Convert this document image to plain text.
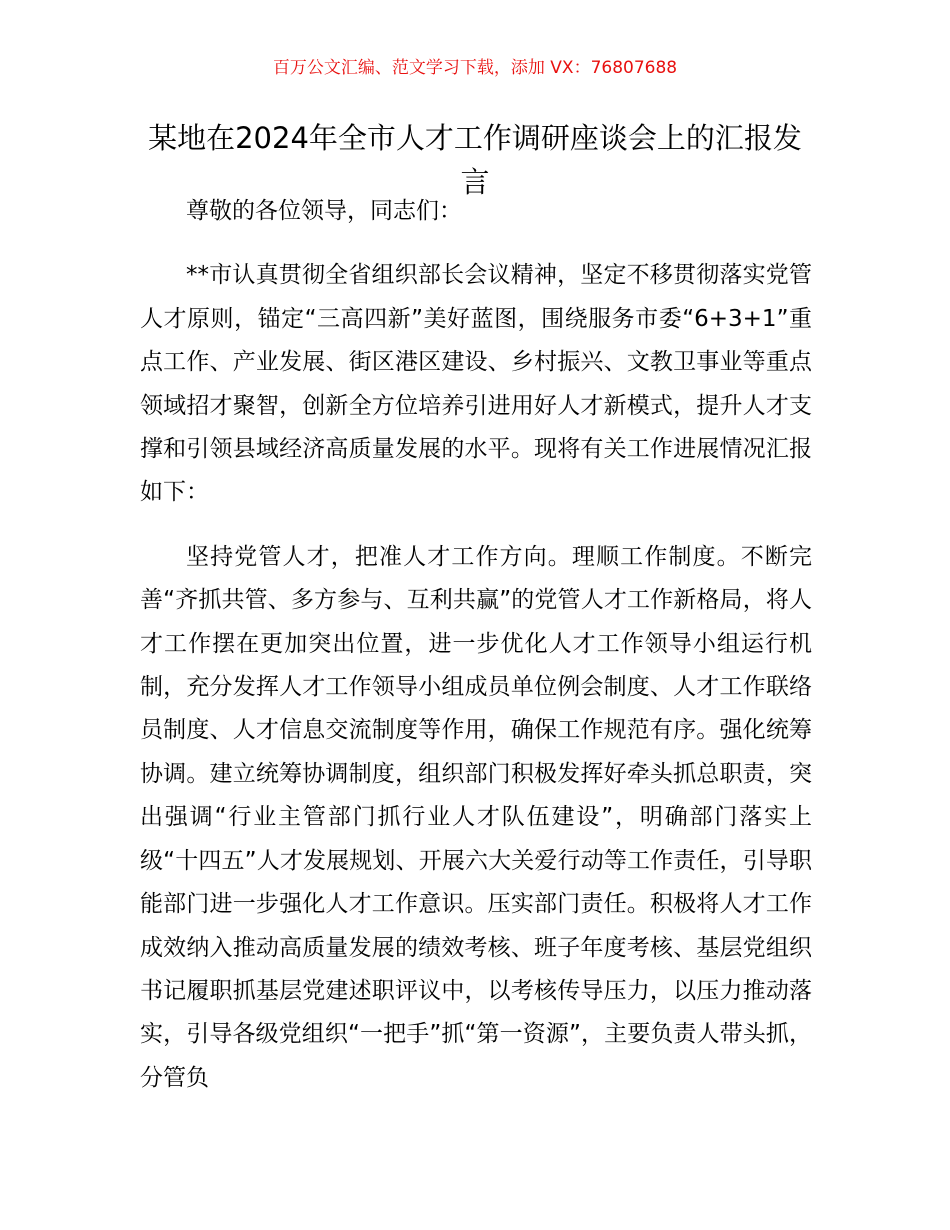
百万公文汇编、范文学习下载，添加 VX：76807688
某地在2024年全市人才工作调研座谈会上的汇报发言

尊敬的各位领导，同志们：

**市认真贯彻全省组织部长会议精神，坚定不移贯彻落实党管人才原则，锚定“三高四新”美好蓝图，围绕服务市委“6+3+1”重点工作、产业发展、街区港区建设、乡村振兴、文教卫事业等重点领域招才聚智，创新全方位培养引进用好人才新模式，提升人才支撑和引领县域经济高质量发展的水平。现将有关工作进展情况汇报如下：

坚持党管人才，把准人才工作方向。理顺工作制度。不断完善“齐抓共管、多方参与、互利共赢”的党管人才工作新格局，将人才工作摆在更加突出位置，进一步优化人才工作领导小组运行机制，充分发挥人才工作领导小组成员单位例会制度、人才工作联络员制度、人才信息交流制度等作用，确保工作规范有序。强化统筹协调。建立统筹协调制度，组织部门积极发挥好牵头抓总职责，突出强调“行业主管部门抓行业人才队伍建设”，明确部门落实上级“十四五”人才发展规划、开展六大关爱行动等工作责任，引导职能部门进一步强化人才工作意识。压实部门责任。积极将人才工作成效纳入推动高质量发展的绩效考核、班子年度考核、基层党组织书记履职抓基层党建述职评议中，以考核传导压力，以压力推动落实，引导各级党组织“一把手”抓“第一资源”，主要负责人带头抓，分管负
